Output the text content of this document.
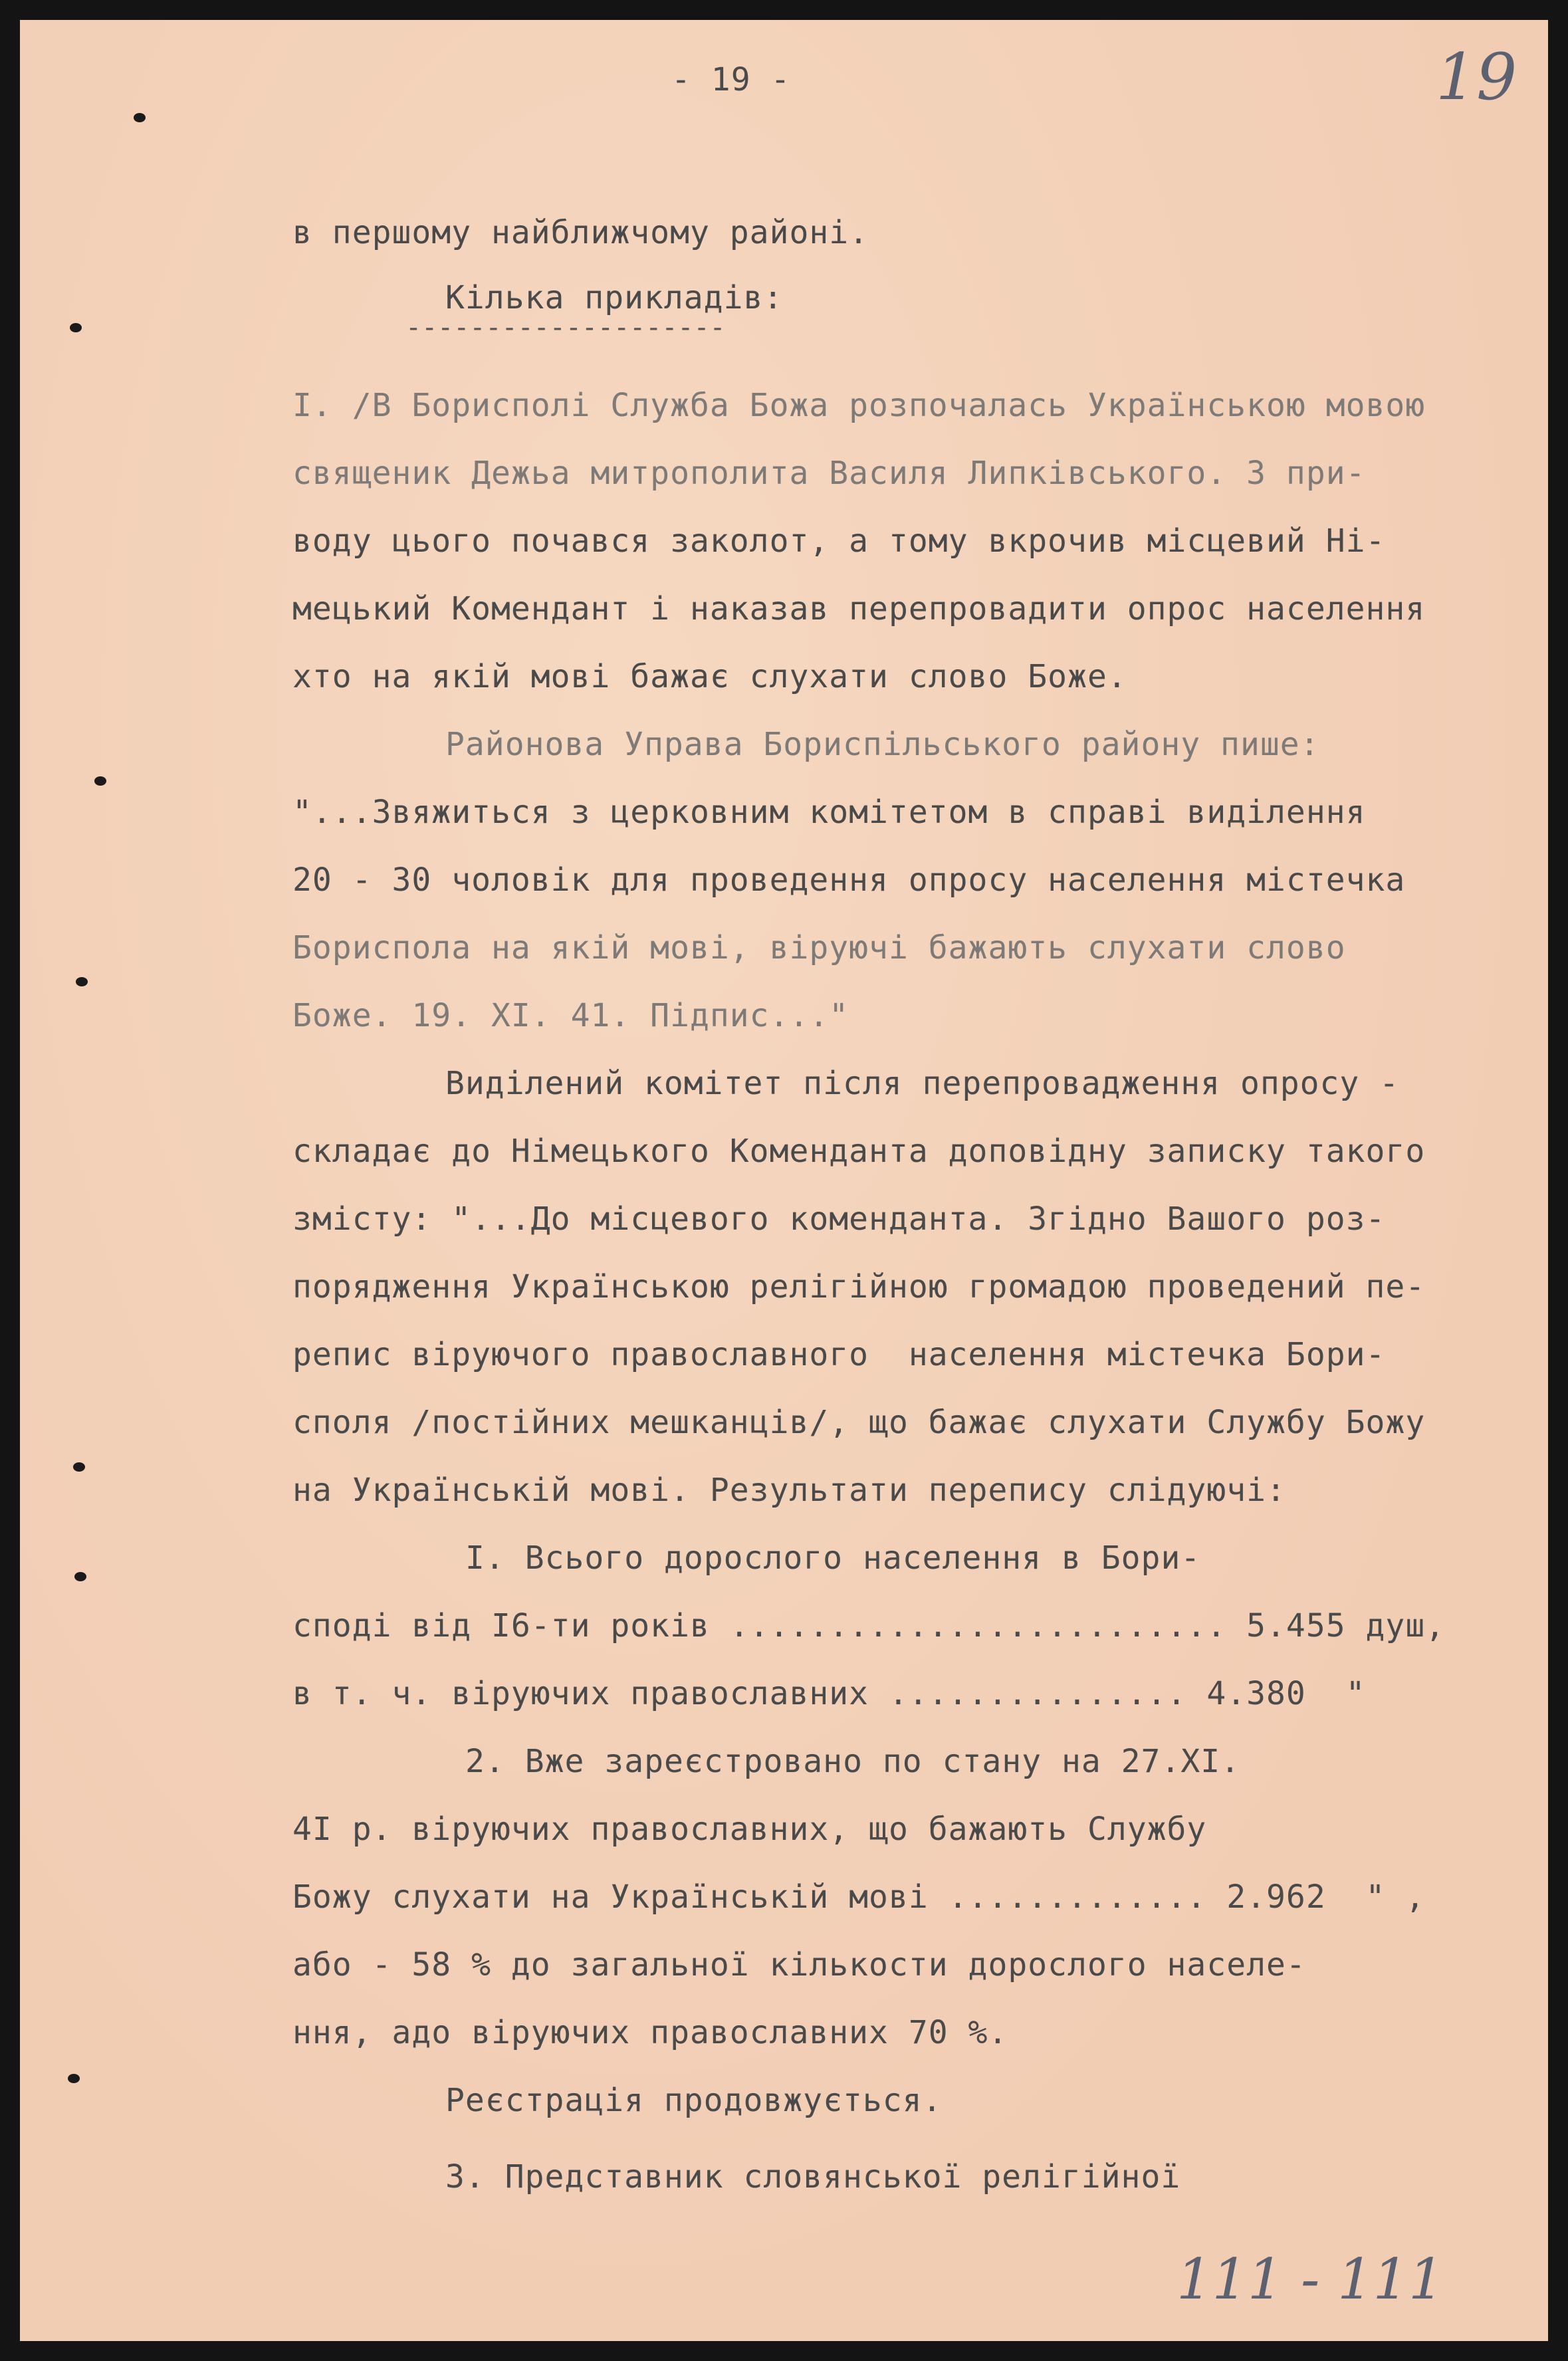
- 19 -	19
в першому найближчому районі.
Кілька прикладів:
--------------------
І. /В Борисполі Служба Божа розпочалась Українською мовою
священик Дежьа митрополита Василя Липківського. З при-
воду цього почався заколот, а тому вкрочив місцевий Ні-
мецький Комендант і наказав перепровадити опрос населення
хто на якій мові бажає слухати слово Боже.
Районова Управа Бориспільського району пише:
"...Звяжиться з церковним комітетом в справі виділення
20 - 30 чоловік для проведення опросу населення містечка
Бориспола на якій мові, віруючі бажають слухати слово
Боже. 19. ХІ. 41. Підпис..."
Виділений комітет після перепровадження опросу -
складає до Німецького Коменданта доповідну записку такого
змісту: "...До місцевого коменданта. Згідно Вашого роз-
порядження Українською релігійною громадою проведений пе-
репис віруючого православного  населення містечка Бори-
споля /постійних мешканців/, що бажає слухати Службу Божу
на Українській мові. Результати перепису слідуючі:
І. Всього дорослого населення в Бори-
споді від І6-ти років ......................... 5.455 душ,
в т. ч. віруючих православних ............... 4.380  "
2. Вже зареєстровано по стану на 27.ХІ.
4І р. віруючих православних, що бажають Службу
Божу слухати на Українській мові ............. 2.962  " ,
або - 58 % до загальної кількости дорослого населе-
ння, адо віруючих православних 70 %.
Реєстрація продовжується.
3. Представник словянської релігійної
111 - 111
